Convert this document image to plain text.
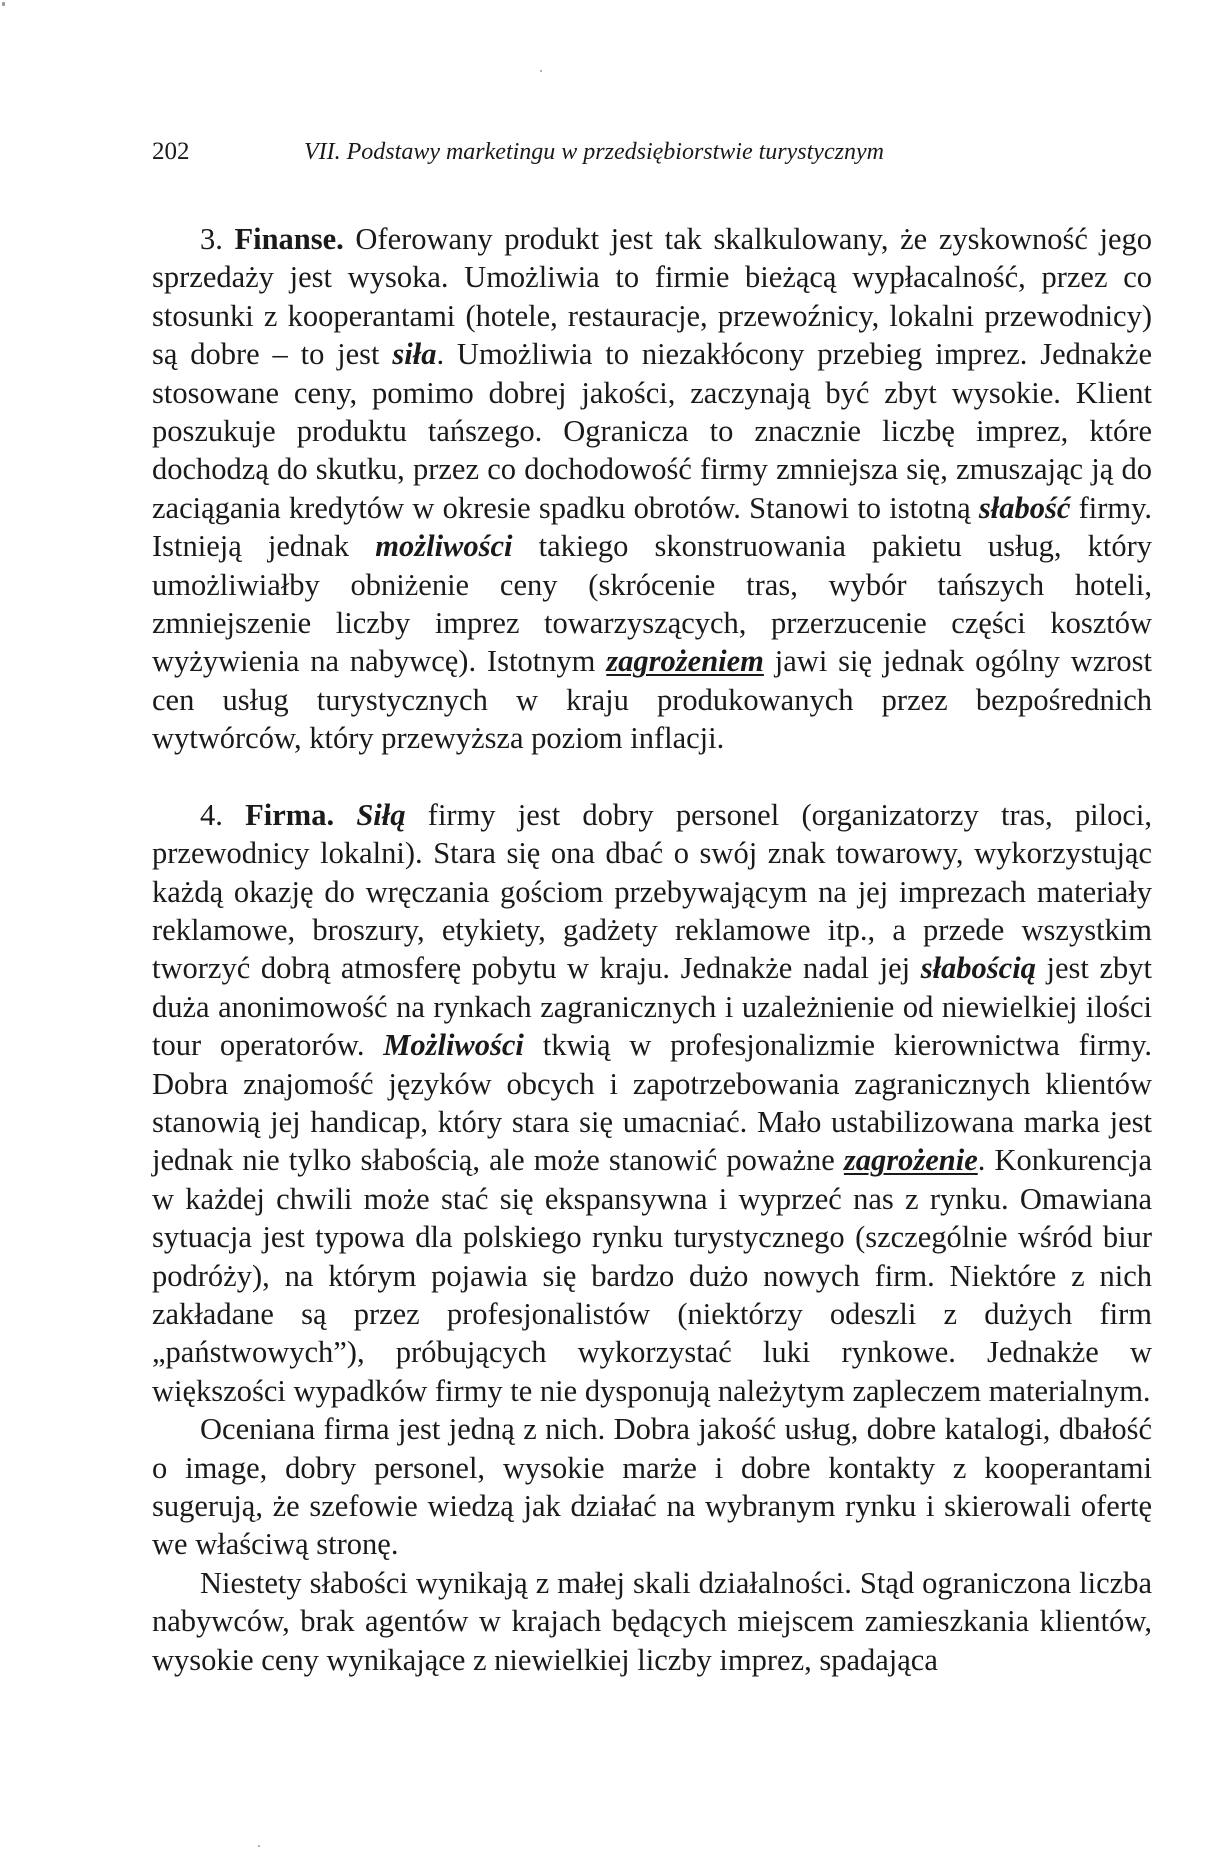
202	VII. Podstawy marketingu w przedsiębiorstwie turystycznym

3. Finanse. Oferowany produkt jest tak skalkulowany, że zyskowność jego sprzedaży jest wysoka. Umożliwia to firmie bieżącą wypłacalność, przez co stosunki z kooperantami (hotele, restauracje, przewoźnicy, lokalni przewodnicy) są dobre – to jest siła. Umożliwia to niezakłócony przebieg imprez. Jednakże stosowane ceny, pomimo dobrej jakości, zaczynają być zbyt wysokie. Klient poszukuje produktu tańszego. Ogranicza to znacznie liczbę imprez, które dochodzą do skutku, przez co dochodowość firmy zmniejsza się, zmuszając ją do zaciągania kredytów w okresie spadku obrotów. Stanowi to istotną słabość firmy. Istnieją jednak możliwości takiego skonstruowania pakietu usług, który umożliwiałby obniżenie ceny (skrócenie tras, wybór tańszych hoteli, zmniejszenie liczby imprez towarzyszących, przerzucenie części kosztów wyżywienia na nabywcę). Istotnym zagrożeniem jawi się jednak ogólny wzrost cen usług turystycznych w kraju produkowanych przez bezpośrednich wytwórców, który przewyższa poziom inflacji.

4. Firma. Siłą firmy jest dobry personel (organizatorzy tras, piloci, przewodnicy lokalni). Stara się ona dbać o swój znak towarowy, wykorzystując każdą okazję do wręczania gościom przebywającym na jej imprezach materiały reklamowe, broszury, etykiety, gadżety reklamowe itp., a przede wszystkim tworzyć dobrą atmosferę pobytu w kraju. Jednakże nadal jej słabością jest zbyt duża anonimowość na rynkach zagranicznych i uzależnienie od niewielkiej ilości tour operatorów. Możliwości tkwią w profesjonalizmie kierownictwa firmy. Dobra znajomość języków obcych i zapotrzebowania zagranicznych klientów stanowią jej handicap, który stara się umacniać. Mało ustabilizowana marka jest jednak nie tylko słabością, ale może stanowić poważne zagrożenie. Konkurencja w każdej chwili może stać się ekspansywna i wyprzeć nas z rynku. Omawiana sytuacja jest typowa dla polskiego rynku turystycznego (szczególnie wśród biur podróży), na którym pojawia się bardzo dużo nowych firm. Niektóre z nich zakładane są przez profesjonalistów (niektórzy odeszli z dużych firm „państwowych”), próbujących wykorzystać luki rynkowe. Jednakże w większości wypadków firmy te nie dysponują należytym zapleczem materialnym.

Oceniana firma jest jedną z nich. Dobra jakość usług, dobre katalogi, dbałość o image, dobry personel, wysokie marże i dobre kontakty z kooperantami sugerują, że szefowie wiedzą jak działać na wybranym rynku i skierowali ofertę we właściwą stronę.

Niestety słabości wynikają z małej skali działalności. Stąd ograniczona liczba nabywców, brak agentów w krajach będących miejscem zamieszkania klientów, wysokie ceny wynikające z niewielkiej liczby imprez, spadająca
